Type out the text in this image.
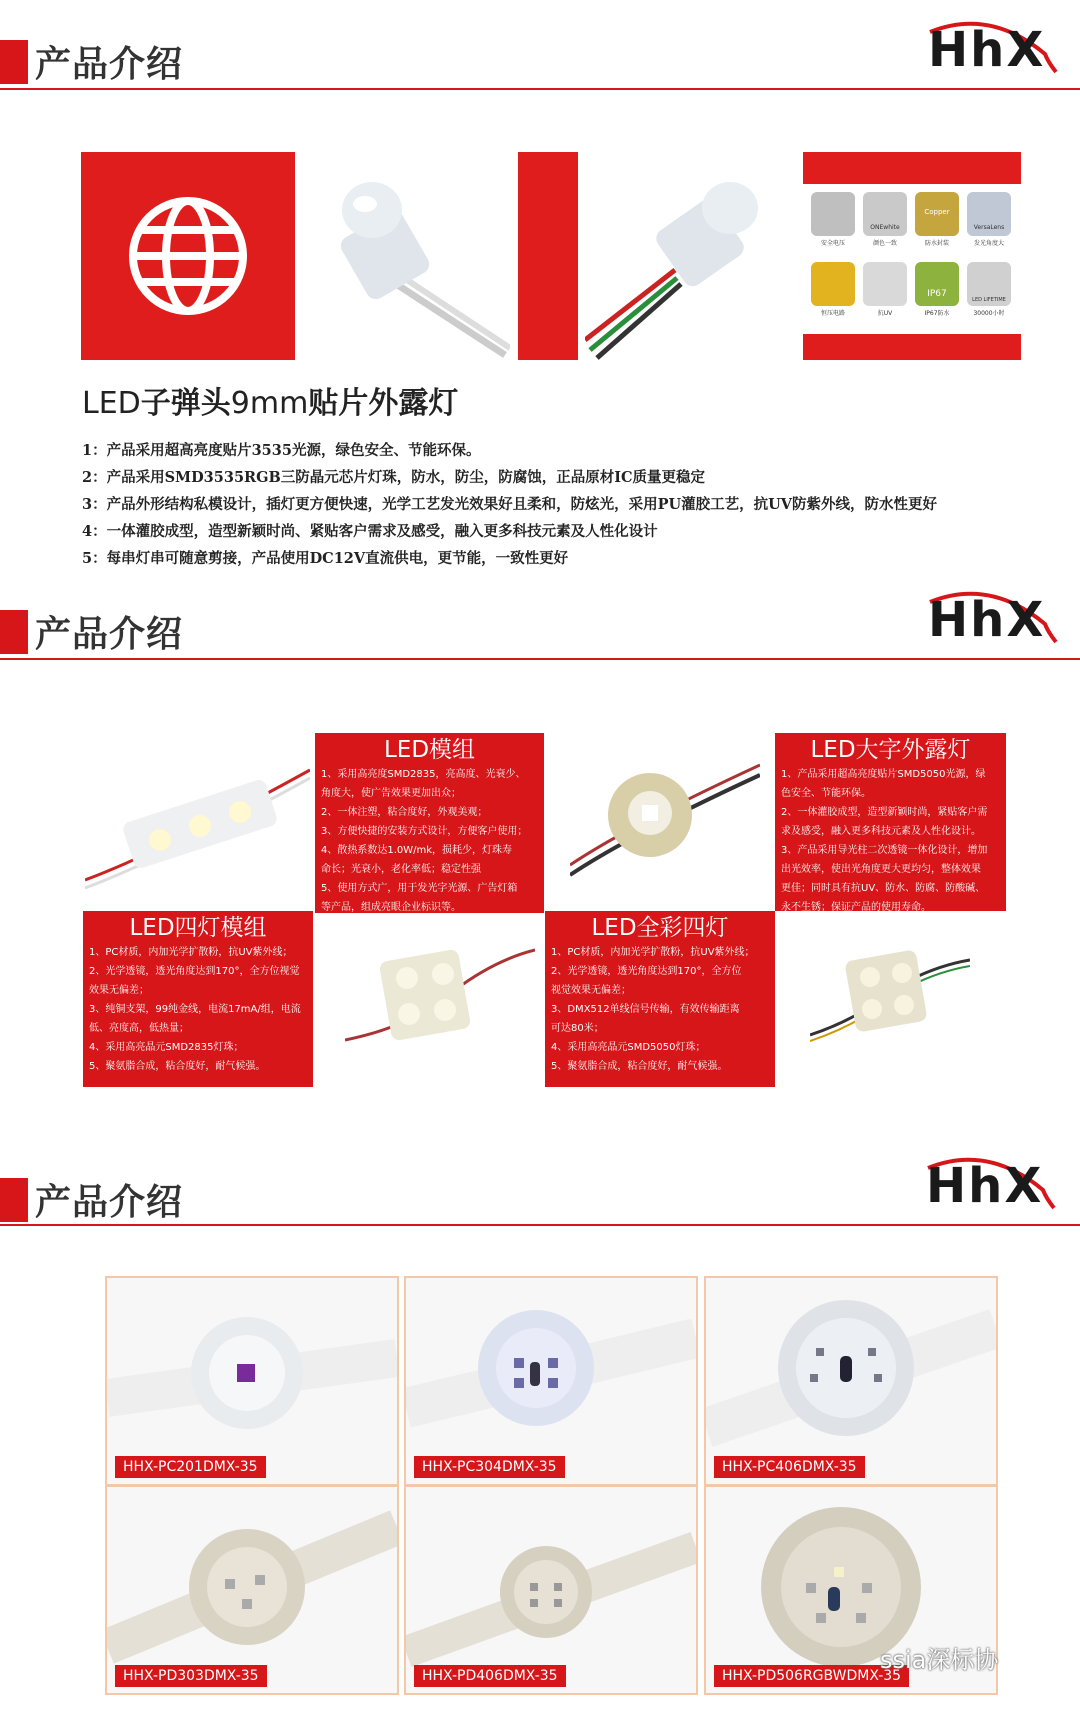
产品介绍	HhX
安全电压
ONEwhite
颜色一致
Copper
防水封装
VersaLens
发光角度大
恒压电路	抗UV
IP67
IP67防水
LED LIFETIME
30000小时
LED子弹头9mm贴片外露灯
1：产品采用超高亮度贴片3535光源，绿色安全、节能环保。
2：产品采用SMD3535RGB三防晶元芯片灯珠，防水，防尘，防腐蚀，正品原材IC质量更稳定
3：产品外形结构私模设计，插灯更方便快速，光学工艺发光效果好且柔和，防炫光，采用PU灌胶工艺，抗UV防紫外线，防水性更好
4：一体灌胶成型，造型新颖时尚、紧贴客户需求及感受，融入更多科技元素及人性化设计
5：每串灯串可随意剪接，产品使用DC12V直流供电，更节能，一致性更好
产品介绍	HhX
LED模组
1、采用高亮度SMD2835，亮高度、光衰少、
角度大，使广告效果更加出众；
2、一体注塑，粘合度好，外观美观；
3、方便快捷的安装方式设计，方便客户使用；
4、散热系数达1.0W/mk，损耗少，灯珠寿
命长；光衰小，老化率低；稳定性强
5、使用方式广，用于发光字光源、广告灯箱
等产品，组成亮眼企业标识等。
LED大字外露灯
1、产品采用超高亮度贴片SMD5050光源，绿
色安全、节能环保。
2、一体灌胶成型，造型新颖时尚，紧贴客户需
求及感受，融入更多科技元素及人性化设计。
3、产品采用导光柱二次透镜一体化设计，增加
出光效率，使出光角度更大更均匀，整体效果
更佳；同时具有抗UV、防水、防腐、防酸碱、
永不生锈；保证产品的使用寿命。
LED四灯模组
1、PC材质，内加光学扩散粉，抗UV紫外线；
2、光学透镜，透光角度达到170°，全方位视觉
效果无偏差；
3、纯铜支架，99纯金线，电流17mA/组，电流
低、亮度高，低热量；
4、采用高亮晶元SMD2835灯珠；
5、聚氨脂合成，粘合度好，耐气候强。
LED全彩四灯
1、PC材质，内加光学扩散粉，抗UV紫外线；
2、光学透镜，透光角度达到170°，全方位
视觉效果无偏差；
3、DMX512单线信号传输，有效传输距离
可达80米；
4、采用高亮晶元SMD5050灯珠；
5、聚氨脂合成，粘合度好，耐气候强。
产品介绍	HhX
HHX-PC201DMX-35	HHX-PC304DMX-35	HHX-PC406DMX-35
HHX-PD303DMX-35	HHX-PD406DMX-35	HHX-PD506RGBWDMX-35
ssia深标协
